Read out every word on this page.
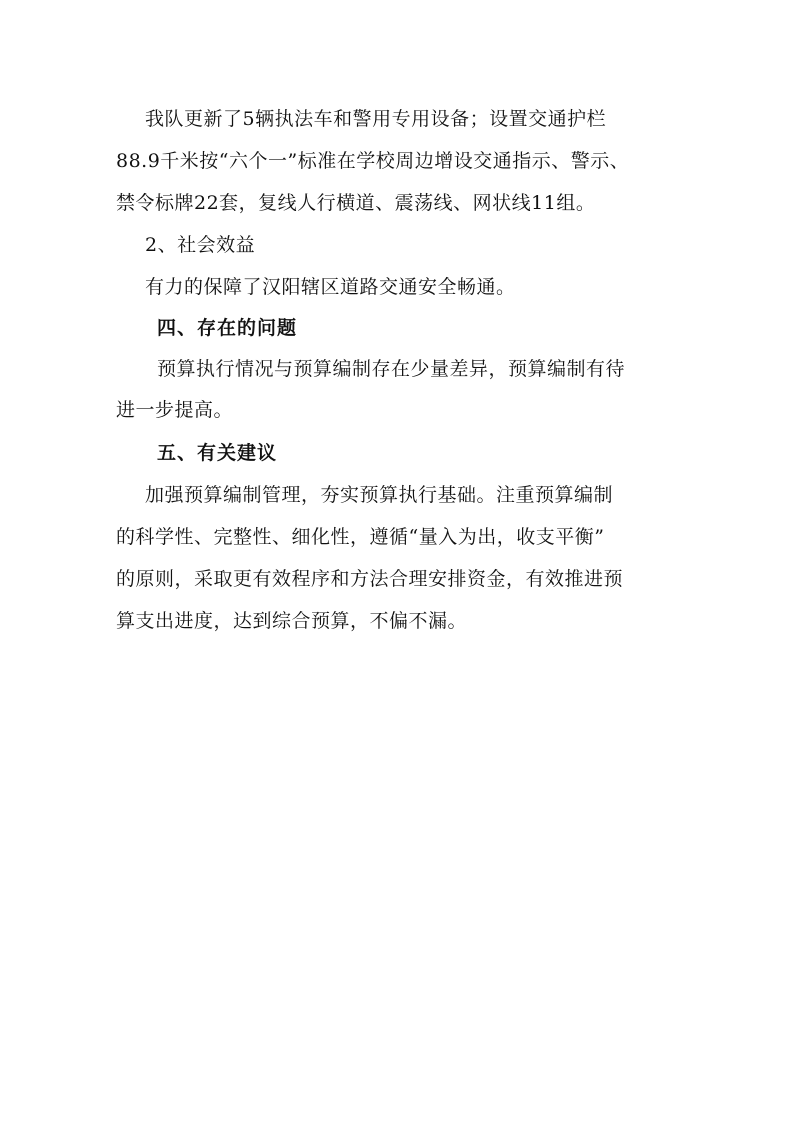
我队更新了5辆执法车和警用专用设备；设置交通护栏
88.9千米按“六个一”标准在学校周边增设交通指示、警示、
禁令标牌22套，复线人行横道、震荡线、网状线11组。
2、社会效益
有力的保障了汉阳辖区道路交通安全畅通。
四、存在的问题
预算执行情况与预算编制存在少量差异，预算编制有待
进一步提高。
五、有关建议
加强预算编制管理，夯实预算执行基础。注重预算编制
的科学性、完整性、细化性，遵循“量入为出，收支平衡”
的原则，采取更有效程序和方法合理安排资金，有效推进预
算支出进度，达到综合预算，不偏不漏。
